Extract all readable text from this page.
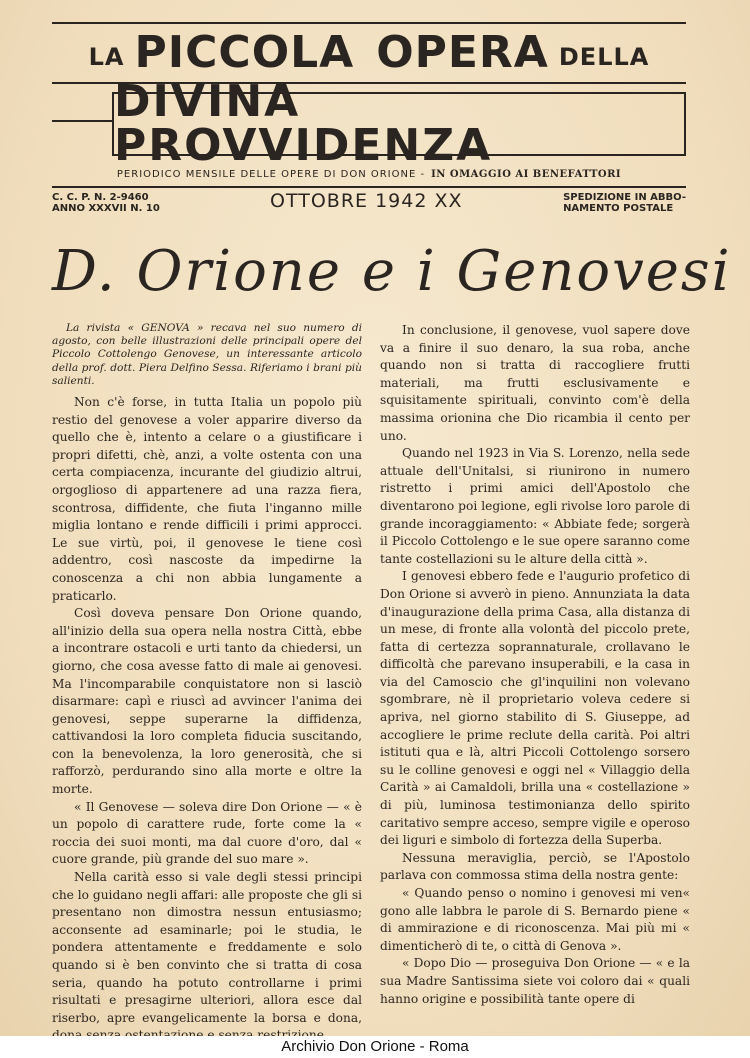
LA PICCOLA OPERA DELLA
DIVINA PROVVIDENZA
PERIODICO MENSILE DELLE OPERE DI DON ORIONE - IN OMAGGIO AI BENEFATTORI
C. C. P. N. 2-9460
ANNO XXXVII N. 10	OTTOBRE 1942 XX	SPEDIZIONE IN ABBO-
NAMENTO POSTALE
D. Orione e i Genovesi

La rivista « GENOVA » recava nel suo numero di agosto, con belle illustrazioni delle principali opere del Piccolo Cottolengo Genovese, un interessante articolo della prof. dott. Piera Delfino Sessa. Riferiamo i brani più salienti.

Non c'è forse, in tutta Italia un popolo più restio del genovese a voler apparire diverso da quello che è, intento a celare o a giustificare i propri difetti, chè, anzi, a volte ostenta con una certa compiacenza, incurante del giudizio altrui, orgoglioso di appartenere ad una razza fiera, scontrosa, diffidente, che fiuta l'inganno mille miglia lontano e rende difficili i primi approcci. Le sue virtù, poi, il genovese le tiene così addentro, così nascoste da impedirne la conoscenza a chi non abbia lungamente a praticarlo.

Così doveva pensare Don Orione quando, all'inizio della sua opera nella nostra Città, ebbe a incontrare ostacoli e urti tanto da chiedersi, un giorno, che cosa avesse fatto di male ai genovesi. Ma l'incomparabile conquistatore non si lasciò disarmare: capì e riuscì ad avvincer l'anima dei genovesi, seppe superarne la diffidenza, cattivandosi la loro completa fiducia suscitando, con la benevolenza, la loro generosità, che si rafforzò, perdurando sino alla morte e oltre la morte.

« Il Genovese — soleva dire Don Orione — « è un popolo di carattere rude, forte come la « roccia dei suoi monti, ma dal cuore d'oro, dal « cuore grande, più grande del suo mare ».

Nella carità esso si vale degli stessi principi che lo guidano negli affari: alle proposte che gli si presentano non dimostra nessun entusiasmo; acconsente ad esaminarle; poi le studia, le pondera attentamente e freddamente e solo quando si è ben convinto che si tratta di cosa seria, quando ha potuto controllarne i primi risultati e presagirne ulteriori, allora esce dal riserbo, apre evangelicamente la borsa e dona,

In conclusione, il genovese, vuol sapere dove va a finire il suo denaro, la sua roba, anche quando non si tratta di raccogliere frutti materiali, ma frutti esclusivamente e squisitamente spirituali, convinto com'è della massima orionina che Dio ricambia il cento per uno.

Quando nel 1923 in Via S. Lorenzo, nella sede attuale dell'Unitalsi, si riunirono in numero ristretto i primi amici dell'Apostolo che diventarono poi legione, egli rivolse loro parole di grande incoraggiamento: « Abbiate fede; sorgerà il Piccolo Cottolengo e le sue opere saranno come tante costellazioni su le alture della città ».

I genovesi ebbero fede e l'augurio profetico di Don Orione si avverò in pieno. Annunziata la data d'inaugurazione della prima Casa, alla distanza di un mese, di fronte alla volontà del piccolo prete, fatta di certezza soprannaturale, crollavano le difficoltà che parevano insuperabili, e la casa in via del Camoscio che gl'inquilini non volevano sgombrare, nè il proprietario voleva cedere si apriva, nel giorno stabilito di S. Giuseppe, ad accogliere le prime reclute della carità. Poi altri istituti qua e là, altri Piccoli Cottolengo sorsero su le colline genovesi e oggi nel « Villaggio della Carità » ai Camaldoli, brilla una « costellazione » di più, luminosa testimonianza dello spirito caritativo sempre acceso, sempre vigile e operoso dei liguri e simbolo di fortezza della Superba.

Nessuna meraviglia, perciò, se l'Apostolo parlava con commossa stima della nostra gente:

« Quando penso o nomino i genovesi mi ven« gono alle labbra le parole di S. Bernardo piene « di ammirazione e di riconoscenza. Mai più mi « dimenticherò di te, o città di Genova ».

« Dopo Dio — proseguiva Don Orione — « e la sua Madre Santissima siete voi coloro dai « quali hanno origine e possibilità tante opere di

Archivio Don Orione - Roma
